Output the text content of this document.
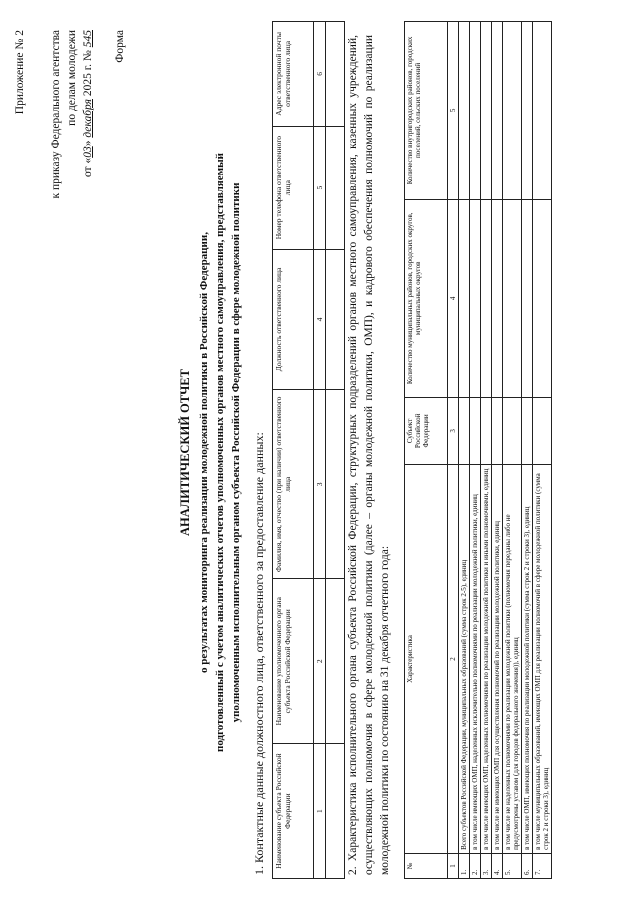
Приложение № 2 к приказу Федерального агентства по делам молодежи
от «03» декабря 2025 г. № 545 Форма
АНАЛИТИЧЕСКИЙ ОТЧЕТ о результатах мониторинга реализации молодежной политики в Российской Федерации, подготовленный с учетом аналитических отчетов уполномоченных органов местного самоуправления, представляемый уполномоченным исполнительным органом субъекта Российской Федерации в сфере молодежной политики 1. Контактные данные должностного лица, ответственного за предоставление данных: Наименование субъекта Российской Федерации	Наименование уполномоченного органа субъекта Российской Федерации	Фамилия, имя, отчество (при наличии) ответственного лица	Должность ответственного лица	Номер телефона ответственного лица	Адрес электронной почты ответственного лица
1	2	3	4	5	6
					2. Характеристика исполнительного органа субъекта Российской Федерации, структурных подразделений органов местного самоуправления, казенных учреждений, осуществляющих полномочия в сфере молодежной политики (далее – органы молодежной политики, ОМП), и кадрового обеспечения полномочий по реализации молодежной политики по состоянию на 31 декабря отчетного года: №	Характеристика	Субъект Российской Федерации	Количество муниципальных районов, городских округов, муниципальных округов	Количество внутригородских районов, городских поселений, сельских поселений
1	2	3	4	5
1.	Всего субъектов Российской Федерации, муниципальных образований (сумма строк 2-5), единиц			
2.	в том числе имеющих ОМП, наделенных исключительно полномочиями по реализации молодежной политики, единиц			
3.	в том числе имеющих ОМП, наделенных полномочиями по реализации молодежной политики и иными полномочиями, единиц			
4.	в том числе не имеющих ОМП для осуществления полномочий по реализации молодежной политики, единиц			
5.	в том числе не наделенных полномочиями по реализации молодежной политики (полномочия переданы либо не предусмотрены уставом (для городов федерального значения)), единиц			
6.	в том числе ОМП, имеющих полномочия по реализации молодежной политики (сумма строк 2 и строки 3), единиц			
7.	в том числе муниципальных образований, имеющих ОМП для реализации полномочий в сфере молодежной политики (сумма строк 2 и строки 3), единиц			
